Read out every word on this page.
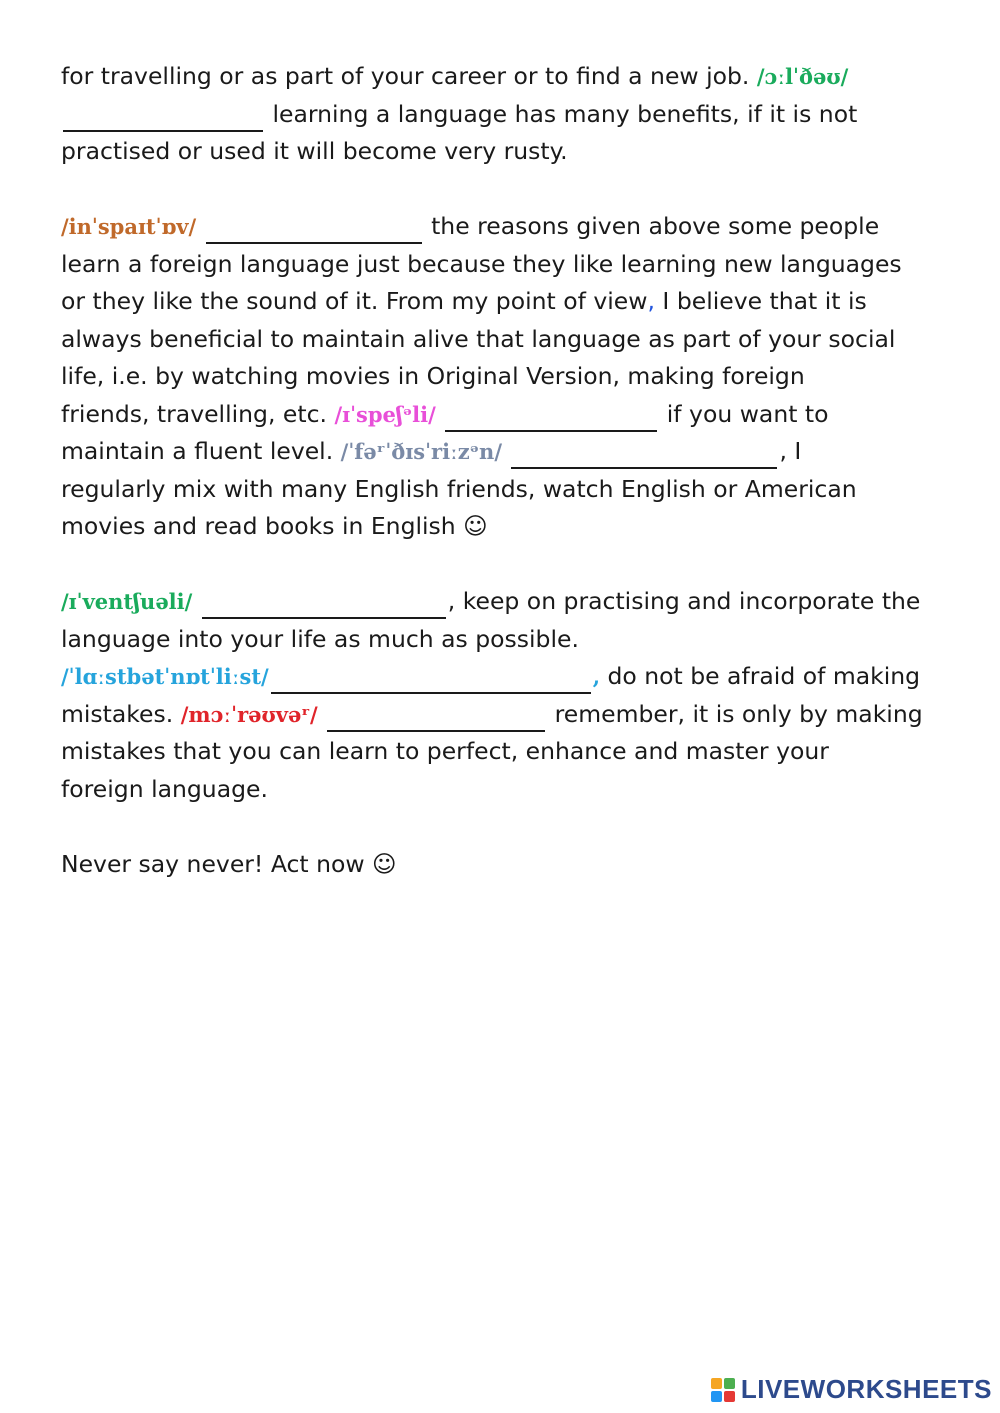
for travelling or as part of your career or to find a new job. /ɔːlˈðəʊ/
learning a language has many benefits, if it is not
practised or used it will become very rusty.
/inˈspaɪtˈɒv/	the reasons given above some people
learn a foreign language just because they like learning new languages
or they like the sound of it. From my point of view, I believe that it is
always beneficial to maintain alive that language as part of your social
life, i.e. by watching movies in Original Version, making foreign
friends, travelling, etc. /ɪˈspeʃᵊli/	if you want to
maintain a fluent level. /ˈfəʳˈðɪsˈriːzᵊn/	, I
regularly mix with many English friends, watch English or American
movies and read books in English ☺
/ɪˈventʃuəli/	, keep on practising and incorporate the
language into your life as much as possible.
/ˈlɑːstbətˈnɒtˈliːst/	, do not be afraid of making
mistakes. /mɔːˈrəʊvəʳ/	remember, it is only by making
mistakes that you can learn to perfect, enhance and master your
foreign language.
Never say never! Act now ☺
LIVEWORKSHEETS
